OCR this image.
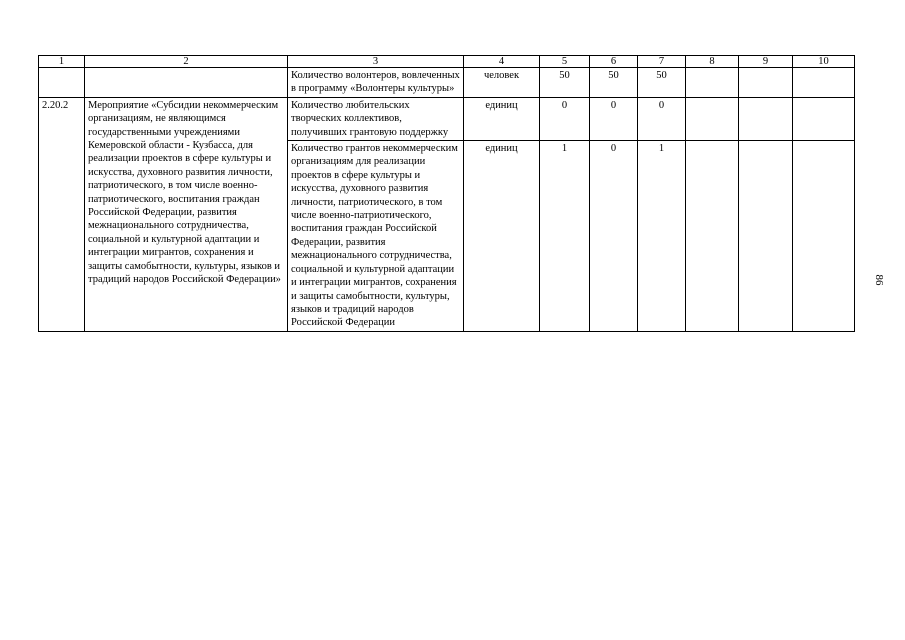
1	2	3	4	5	6	7	8	9	10
		Количество волонтеров, вовлеченных в программу «Волонтеры культуры»	человек	50	50	50			
2.20.2	Мероприятие «Субсидии некоммерческим организациям, не являющимся государственными учреждениями Кемеровской области - Кузбасса, для реализации проектов в сфере культуры и искусства, духовного развития личности, патриотического, в том числе военно-патриотического, воспитания граждан Российской Федерации, развития межнационального сотрудничества, социальной и культурной адаптации и интеграции мигрантов, сохранения и защиты самобытности, культуры, языков и традиций народов Российской Федерации»	Количество любительских творческих коллективов, получивших грантовую поддержку	единиц	0	0	0			
		Количество грантов некоммерческим организациям для реализации проектов в сфере культуры и искусства, духовного развития личности, патриотического, в том числе военно-патриотического, воспитания граждан Российской Федерации, развития межнационального сотрудничества, социальной и культурной адаптации и интеграции мигрантов, сохранения и защиты самобытности, культуры, языков и традиций народов Российской Федерации	единиц	1	0	1			
86
